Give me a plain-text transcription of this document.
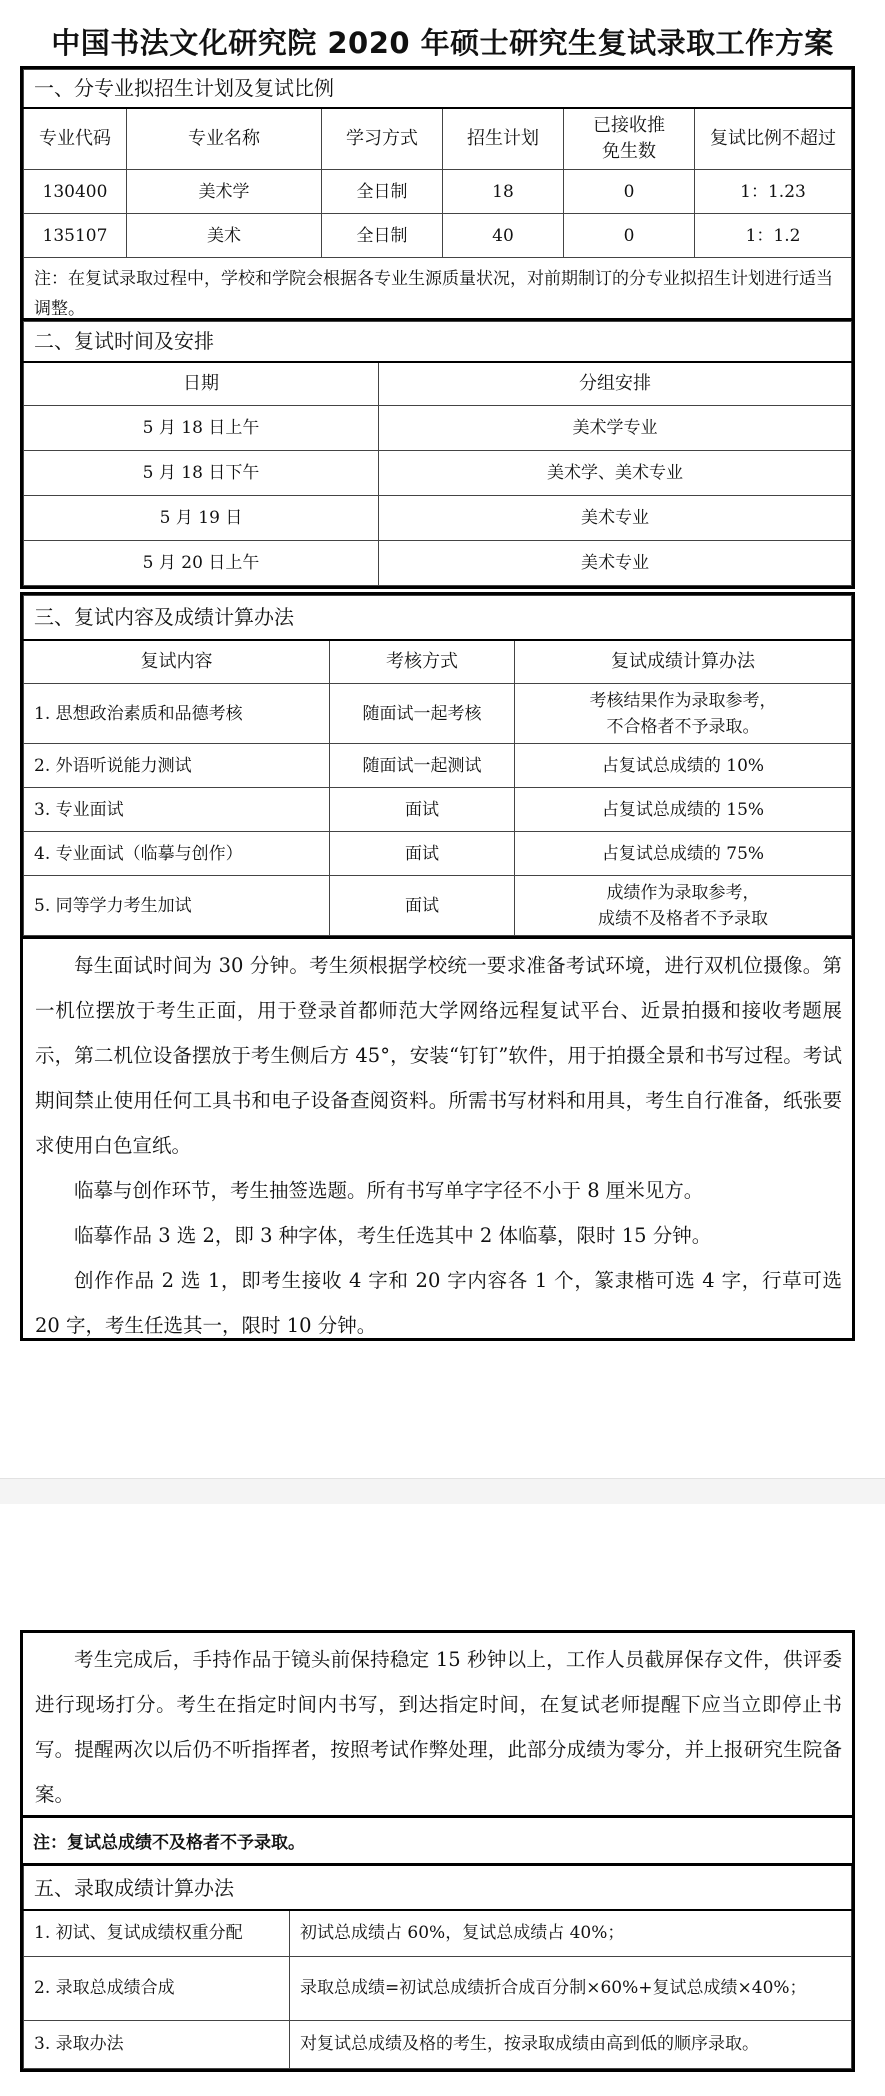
中国书法文化研究院 2020 年硕士研究生复试录取工作方案
一、分专业拟招生计划及复试比例					
专业代码	专业名称	学习方式	招生计划	已接收推免生数	复试比例不超过
130400	美术学	全日制	18	0	1：1.23
135107	美术	全日制	40	0	1：1.2
注：在复试录取过程中，学校和学院会根据各专业生源质量状况，对前期制订的分专业拟招生计划进行适当调整。					
二、复试时间及安排	
日期	分组安排
5 月 18 日上午	美术学专业
5 月 18 日下午	美术学、美术专业
5 月 19 日	美术专业
5 月 20 日上午	美术专业
三、复试内容及成绩计算办法		
复试内容	考核方式	复试成绩计算办法
1. 思想政治素质和品德考核	随面试一起考核	考核结果作为录取参考，
不合格者不予录取。
2. 外语听说能力测试	随面试一起测试	占复试总成绩的 10%
3. 专业面试	面试	占复试总成绩的 15%
4. 专业面试（临摹与创作）	面试	占复试总成绩的 75%
5. 同等学力考生加试	面试	成绩作为录取参考，
成绩不及格者不予录取

每生面试时间为 30 分钟。考生须根据学校统一要求准备考试环境，进行双机位摄像。第一机位摆放于考生正面，用于登录首都师范大学网络远程复试平台、近景拍摄和接收考题展示，第二机位设备摆放于考生侧后方 45°，安装“钉钉”软件，用于拍摄全景和书写过程。考试期间禁止使用任何工具书和电子设备查阅资料。所需书写材料和用具，考生自行准备，纸张要求使用白色宣纸。

临摹与创作环节，考生抽签选题。所有书写单字字径不小于 8 厘米见方。

临摹作品 3 选 2，即 3 种字体，考生任选其中 2 体临摹，限时 15 分钟。

创作作品 2 选 1，即考生接收 4 字和 20 字内容各 1 个，篆隶楷可选 4 字，行草可选 20 字，考生任选其一，限时 10 分钟。

考生完成后，手持作品于镜头前保持稳定 15 秒钟以上，工作人员截屏保存文件，供评委进行现场打分。考生在指定时间内书写，到达指定时间，在复试老师提醒下应当立即停止书写。提醒两次以后仍不听指挥者，按照考试作弊处理，此部分成绩为零分，并上报研究生院备案。

注：复试总成绩不及格者不予录取。
五、录取成绩计算办法	
1. 初试、复试成绩权重分配	初试总成绩占 60%，复试总成绩占 40%；
2. 录取总成绩合成	录取总成绩=初试总成绩折合成百分制×60%+复试总成绩×40%；
3. 录取办法	对复试总成绩及格的考生，按录取成绩由高到低的顺序录取。
